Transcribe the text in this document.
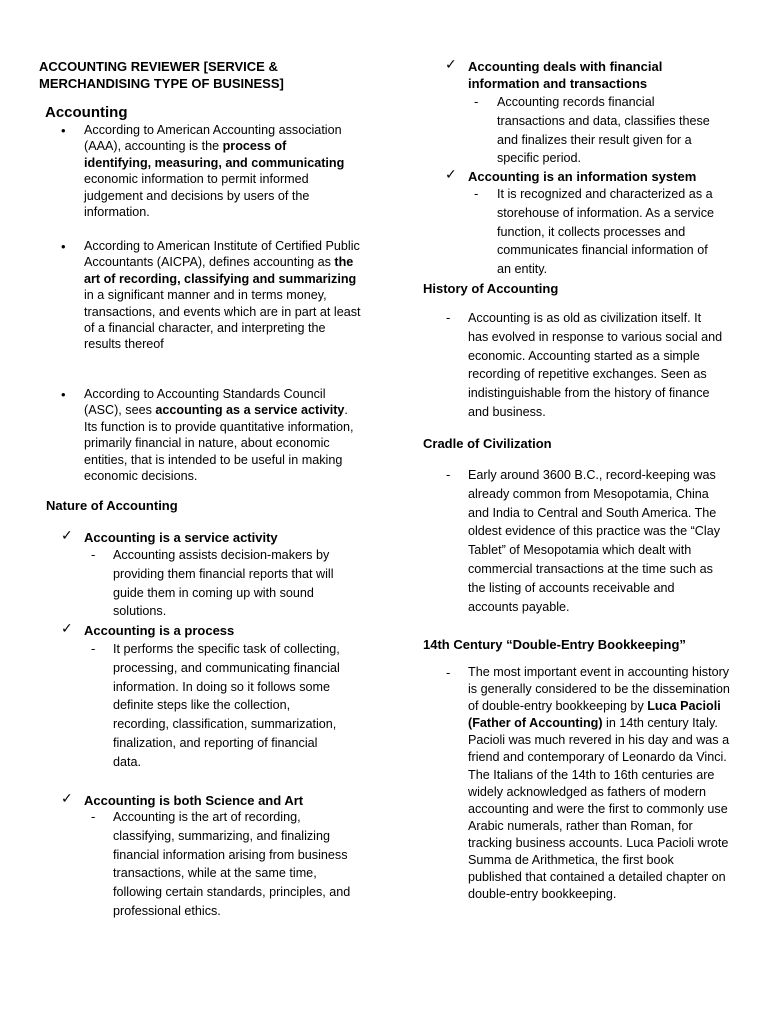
ACCOUNTING REVIEWER [SERVICE & MERCHANDISING TYPE OF BUSINESS]
Accounting
• According to American Accounting association (AAA), accounting is the process of identifying, measuring, and communicating economic information to permit informed judgement and decisions by users of the information.
• According to American Institute of Certified Public Accountants (AICPA), defines accounting as the art of recording, classifying and summarizing in a significant manner and in terms money, transactions, and events which are in part at least of a financial character, and interpreting the results thereof
• According to Accounting Standards Council (ASC), sees accounting as a service activity. Its function is to provide quantitative information, primarily financial in nature, about economic entities, that is intended to be useful in making economic decisions.
Nature of Accounting
✓ Accounting is a service activity
- Accounting assists decision-makers by providing them financial reports that will guide them in coming up with sound solutions.
✓ Accounting is a process
- It performs the specific task of collecting, processing, and communicating financial information. In doing so it follows some definite steps like the collection, recording, classification, summarization, finalization, and reporting of financial data.
✓ Accounting is both Science and Art
- Accounting is the art of recording, classifying, summarizing, and finalizing financial information arising from business transactions, while at the same time, following certain standards, principles, and professional ethics.
✓ Accounting deals with financial information and transactions
- Accounting records financial transactions and data, classifies these and finalizes their result given for a specific period.
✓ Accounting is an information system
- It is recognized and characterized as a storehouse of information. As a service function, it collects processes and communicates financial information of an entity.
History of Accounting
- Accounting is as old as civilization itself. It has evolved in response to various social and economic. Accounting started as a simple recording of repetitive exchanges. Seen as indistinguishable from the history of finance and business.
Cradle of Civilization
- Early around 3600 B.C., record-keeping was already common from Mesopotamia, China and India to Central and South America. The oldest evidence of this practice was the “Clay Tablet” of Mesopotamia which dealt with commercial transactions at the time such as the listing of accounts receivable and accounts payable.
14th Century “Double-Entry Bookkeeping”
- The most important event in accounting history is generally considered to be the dissemination of double-entry bookkeeping by Luca Pacioli (Father of Accounting) in 14th century Italy. Pacioli was much revered in his day and was a friend and contemporary of Leonardo da Vinci. The Italians of the 14th to 16th centuries are widely acknowledged as fathers of modern accounting and were the first to commonly use Arabic numerals, rather than Roman, for tracking business accounts. Luca Pacioli wrote Summa de Arithmetica, the first book published that contained a detailed chapter on double-entry bookkeeping.
